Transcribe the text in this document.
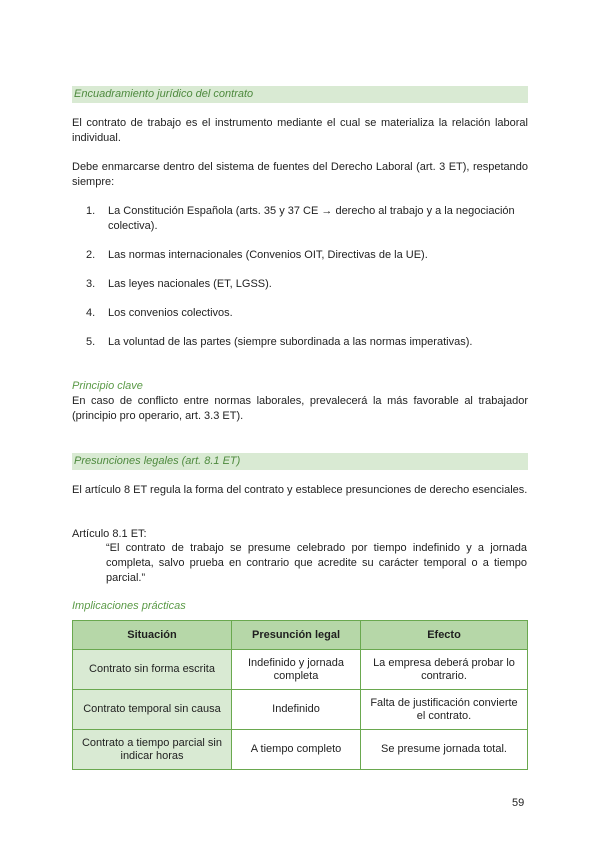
Encuadramiento jurídico del contrato

El contrato de trabajo es el instrumento mediante el cual se materializa la relación laboral individual.

Debe enmarcarse dentro del sistema de fuentes del Derecho Laboral (art. 3 ET), respetando siempre:

1.	La Constitución Española (arts. 35 y 37 CE → derecho al trabajo y a la negociación colectiva).
2.	Las normas internacionales (Convenios OIT, Directivas de la UE).
3.	Las leyes nacionales (ET, LGSS).
4.	Los convenios colectivos.
5.	La voluntad de las partes (siempre subordinada a las normas imperativas).

Principio clave

En caso de conflicto entre normas laborales, prevalecerá la más favorable al trabajador (principio pro operario, art. 3.3 ET).

Presunciones legales (art. 8.1 ET)

El artículo 8 ET regula la forma del contrato y establece presunciones de derecho esenciales.

Artículo 8.1 ET:

“El contrato de trabajo se presume celebrado por tiempo indefinido y a jornada completa, salvo prueba en contrario que acredite su carácter temporal o a tiempo parcial.”

Implicaciones prácticas

Situación	Presunción legal	Efecto
Contrato sin forma escrita	Indefinido y jornada completa	La empresa deberá probar lo contrario.
Contrato temporal sin causa	Indefinido	Falta de justificación convierte el contrato.
Contrato a tiempo parcial sin indicar horas	A tiempo completo	Se presume jornada total.
59
